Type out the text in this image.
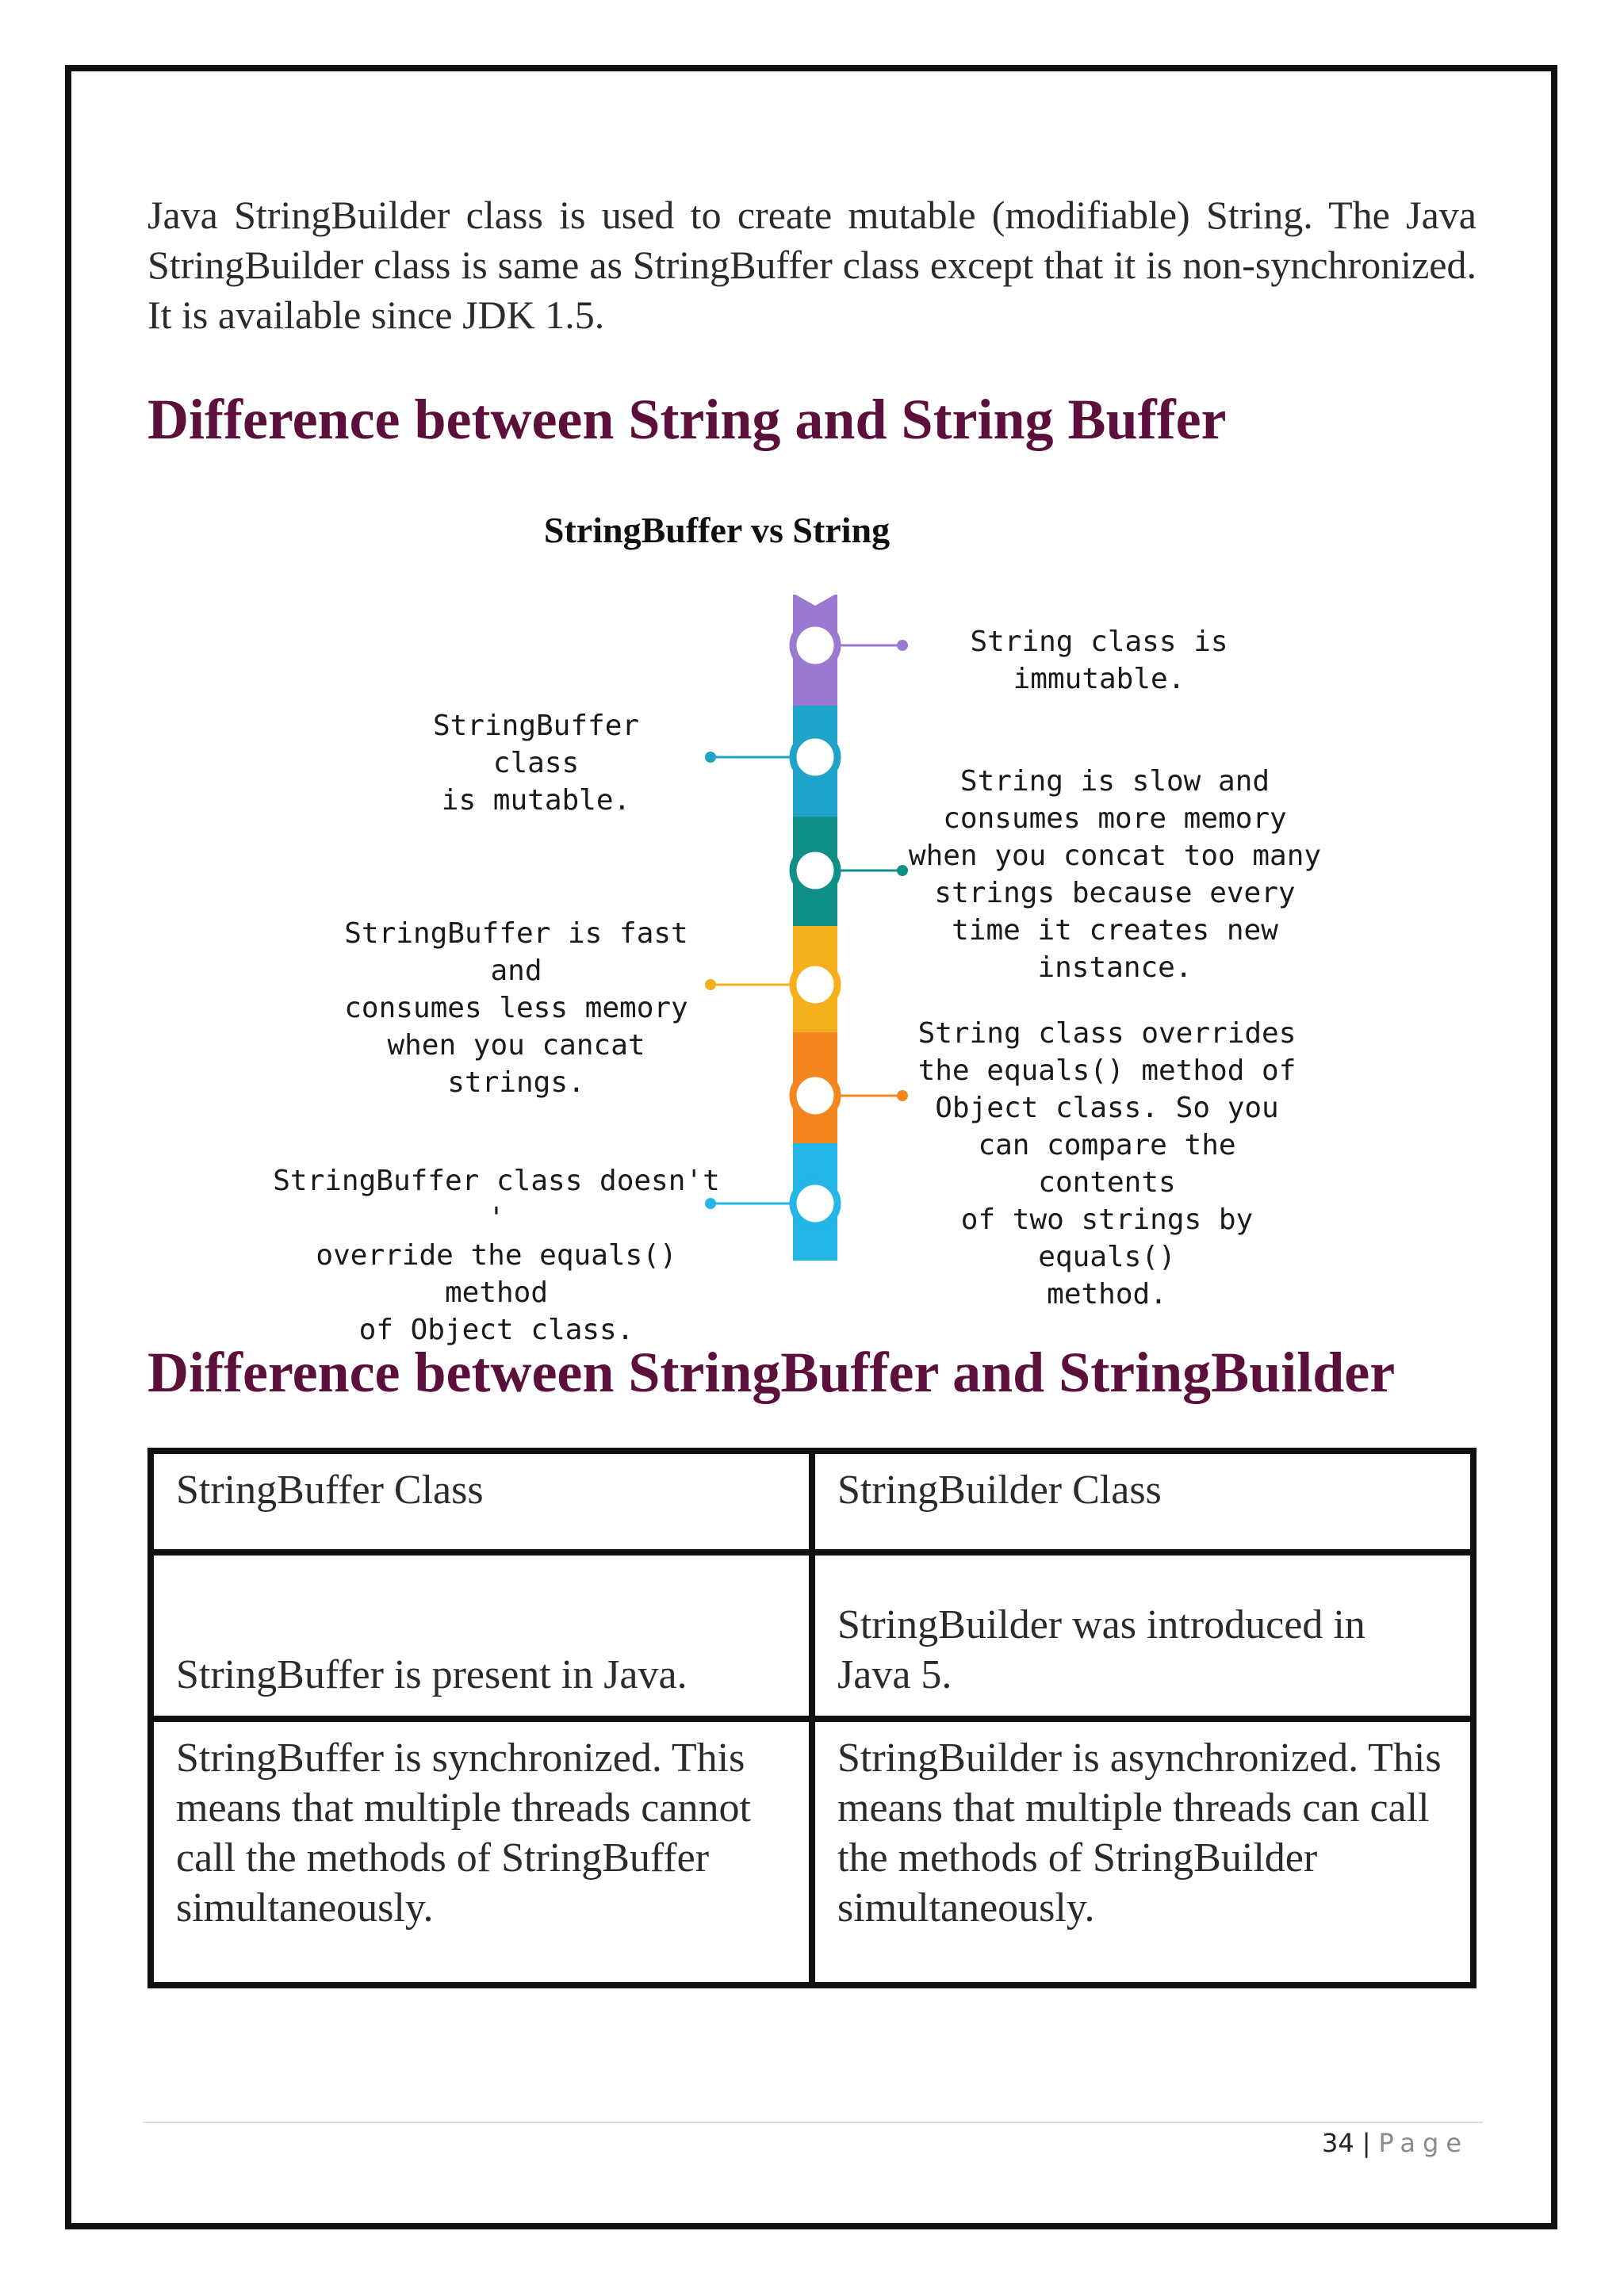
Java StringBuilder class is used to create mutable (modifiable) String. The Java StringBuilder class is same as StringBuffer class except that it is non-synchronized. It is available since JDK 1.5.

Difference between String and String Buffer
StringBuffer vs String
String class is
immutable.
String is slow and
consumes more memory
when you concat too many
strings because every
time it creates new instance.
String class overrides
the equals() method of
Object class. So you
can compare the contents
of two strings by equals()
method.
StringBuffer class
is mutable.
StringBuffer is fast and
consumes less memory
when you cancat strings.
StringBuffer class doesn't '
override the equals() method
of Object class.
Difference between StringBuffer and StringBuilder
StringBuffer Class	StringBuilder Class
StringBuffer is present in Java.	StringBuilder was introduced in Java 5.
StringBuffer is synchronized. This means that multiple threads cannot call the methods of StringBuffer simultaneously.	StringBuilder is asynchronized. This means that multiple threads can call the methods of StringBuilder simultaneously.
34 | Page
